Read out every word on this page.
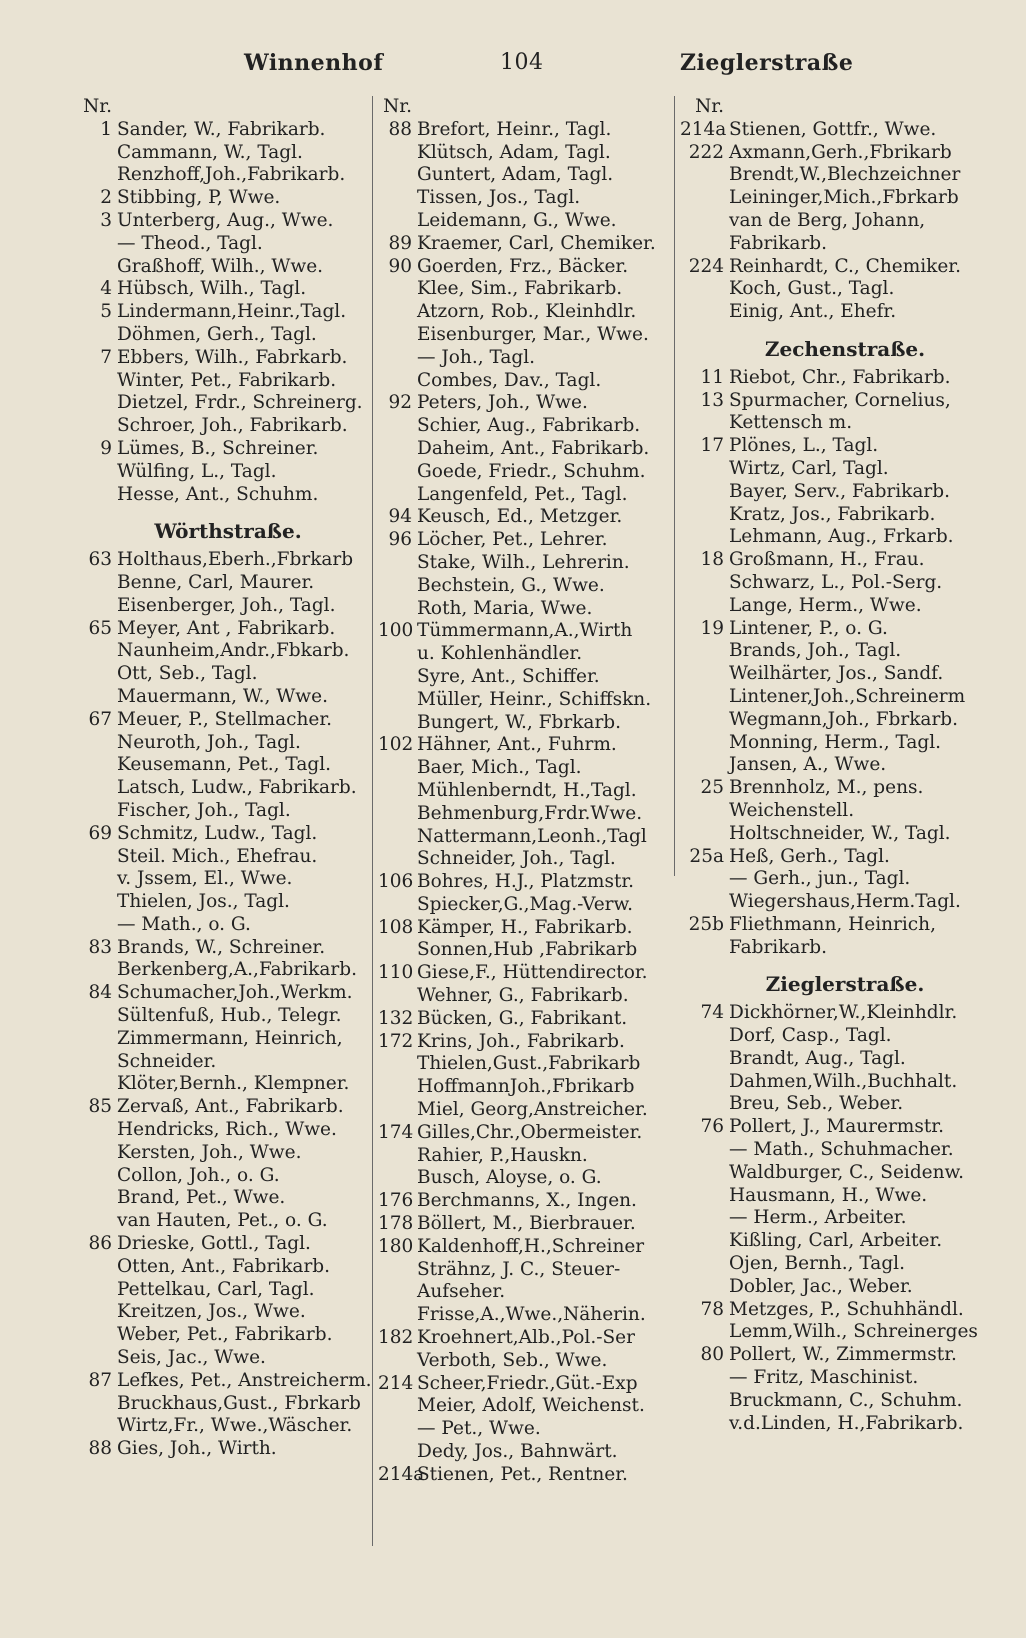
Winnenhof	104	Zieglerstraße
Nr.
1 Sander, W., Fabrikarb.
Cammann, W., Tagl.
Renzhoff,Joh.,Fabrikarb.
2 Stibbing, P, Wwe.
3 Unterberg, Aug., Wwe.
— Theod., Tagl.
Graßhoff, Wilh., Wwe.
4 Hübsch, Wilh., Tagl.
5 Lindermann,Heinr.,Tagl.
Döhmen, Gerh., Tagl.
7 Ebbers, Wilh., Fabrkarb.
Winter, Pet., Fabrikarb.
Dietzel, Frdr., Schreinerg.
Schroer, Joh., Fabrikarb.
9 Lümes, B., Schreiner.
Wülfing, L., Tagl.
Hesse, Ant., Schuhm.
Wörthstraße.
63 Holthaus,Eberh.,Fbrkarb
Benne, Carl, Maurer.
Eisenberger, Joh., Tagl.
65 Meyer, Ant , Fabrikarb.
Naunheim,Andr.,Fbkarb.
Ott, Seb., Tagl.
Mauermann, W., Wwe.
67 Meuer, P., Stellmacher.
Neuroth, Joh., Tagl.
Keusemann, Pet., Tagl.
Latsch, Ludw., Fabrikarb.
Fischer, Joh., Tagl.
69 Schmitz, Ludw., Tagl.
Steil. Mich., Ehefrau.
v. Jssem, El., Wwe.
Thielen, Jos., Tagl.
— Math., o. G.
83 Brands, W., Schreiner.
Berkenberg,A.,Fabrikarb.
84 Schumacher,Joh.,Werkm.
Sültenfuß, Hub., Telegr.
Zimmermann, Heinrich,
Schneider.
Klöter,Bernh., Klempner.
85 Zervaß, Ant., Fabrikarb.
Hendricks, Rich., Wwe.
Kersten, Joh., Wwe.
Collon, Joh., o. G.
Brand, Pet., Wwe.
van Hauten, Pet., o. G.
86 Drieske, Gottl., Tagl.
Otten, Ant., Fabrikarb.
Pettelkau, Carl, Tagl.
Kreitzen, Jos., Wwe.
Weber, Pet., Fabrikarb.
Seis, Jac., Wwe.
87 Lefkes, Pet., Anstreicherm.
Bruckhaus,Gust., Fbrkarb
Wirtz,Fr., Wwe.,Wäscher.
88 Gies, Joh., Wirth.
Nr.
88 Brefort, Heinr., Tagl.
Klütsch, Adam, Tagl.
Guntert, Adam, Tagl.
Tissen, Jos., Tagl.
Leidemann, G., Wwe.
89 Kraemer, Carl, Chemiker.
90 Goerden, Frz., Bäcker.
Klee, Sim., Fabrikarb.
Atzorn, Rob., Kleinhdlr.
Eisenburger, Mar., Wwe.
— Joh., Tagl.
Combes, Dav., Tagl.
92 Peters, Joh., Wwe.
Schier, Aug., Fabrikarb.
Daheim, Ant., Fabrikarb.
Goede, Friedr., Schuhm.
Langenfeld, Pet., Tagl.
94 Keusch, Ed., Metzger.
96 Löcher, Pet., Lehrer.
Stake, Wilh., Lehrerin.
Bechstein, G., Wwe.
Roth, Maria, Wwe.
100 Tümmermann,A.,Wirth
u. Kohlenhändler.
Syre, Ant., Schiffer.
Müller, Heinr., Schiffskn.
Bungert, W., Fbrkarb.
102 Hähner, Ant., Fuhrm.
Baer, Mich., Tagl.
Mühlenberndt, H.,Tagl.
Behmenburg,Frdr.Wwe.
Nattermann,Leonh.,Tagl
Schneider, Joh., Tagl.
106 Bohres, H.J., Platzmstr.
Spiecker,G.,Mag.-Verw.
108 Kämper, H., Fabrikarb.
Sonnen,Hub ,Fabrikarb
110 Giese,F., Hüttendirector.
Wehner, G., Fabrikarb.
132 Bücken, G., Fabrikant.
172 Krins, Joh., Fabrikarb.
Thielen,Gust.,Fabrikarb
HoffmannJoh.,Fbrikarb
Miel, Georg,Anstreicher.
174 Gilles,Chr.,Obermeister.
Rahier, P.,Hauskn.
Busch, Aloyse, o. G.
176 Berchmanns, X., Ingen.
178 Böllert, M., Bierbrauer.
180 Kaldenhoff,H.,Schreiner
Strähnz, J. C., Steuer-
Aufseher.
Frisse,A.,Wwe.,Näherin.
182 Kroehnert,Alb.,Pol.-Ser
Verboth, Seb., Wwe.
214 Scheer,Friedr.,Güt.-Exp
Meier, Adolf, Weichenst.
— Pet., Wwe.
Dedy, Jos., Bahnwärt.
214a
Stienen, Pet., Rentner.
Nr.
214a Stienen, Gottfr., Wwe.
222 Axmann,Gerh.,Fbrikarb
Brendt,W.,Blechzeichner
Leininger,Mich.,Fbrkarb
van de Berg, Johann,
Fabrikarb.
224 Reinhardt, C., Chemiker.
Koch, Gust., Tagl.
Einig, Ant., Ehefr.
Zechenstraße.
11 Riebot, Chr., Fabrikarb.
13 Spurmacher, Cornelius,
Kettensch m.
17 Plönes, L., Tagl.
Wirtz, Carl, Tagl.
Bayer, Serv., Fabrikarb.
Kratz, Jos., Fabrikarb.
Lehmann, Aug., Frkarb.
18 Großmann, H., Frau.
Schwarz, L., Pol.-Serg.
Lange, Herm., Wwe.
19 Lintener, P., o. G.
Brands, Joh., Tagl.
Weilhärter, Jos., Sandf.
Lintener,Joh.,Schreinerm
Wegmann,Joh., Fbrkarb.
Monning, Herm., Tagl.
Jansen, A., Wwe.
25 Brennholz, M., pens.
Weichenstell.
Holtschneider, W., Tagl.
25a Heß, Gerh., Tagl.
— Gerh., jun., Tagl.
Wiegershaus,Herm.Tagl.
25b Fliethmann, Heinrich,
Fabrikarb.
Zieglerstraße.
74 Dickhörner,W.,Kleinhdlr.
Dorf, Casp., Tagl.
Brandt, Aug., Tagl.
Dahmen,Wilh.,Buchhalt.
Breu, Seb., Weber.
76 Pollert, J., Maurermstr.
— Math., Schuhmacher.
Waldburger, C., Seidenw.
Hausmann, H., Wwe.
— Herm., Arbeiter.
Kißling, Carl, Arbeiter.
Ojen, Bernh., Tagl.
Dobler, Jac., Weber.
78 Metzges, P., Schuhhändl.
Lemm,Wilh., Schreinerges
80 Pollert, W., Zimmermstr.
— Fritz, Maschinist.
Bruckmann, C., Schuhm.
v.d.Linden, H.,Fabrikarb.
